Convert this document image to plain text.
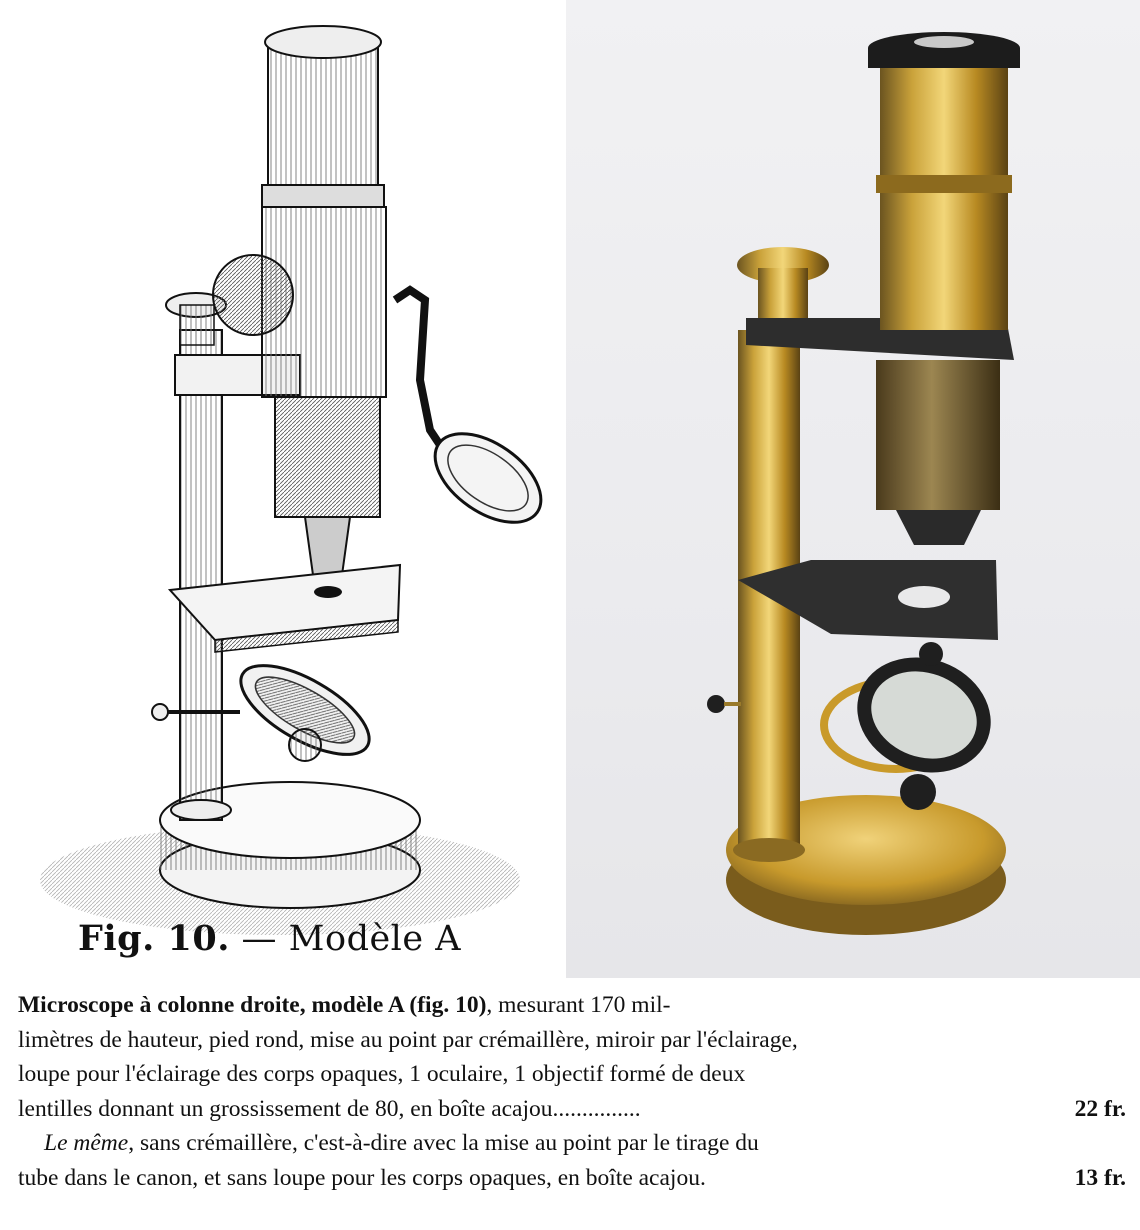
Fig. 10. — Modèle A
Microscope à colonne droite, modèle A (fig. 10), mesurant 170 mil-
limètres de hauteur, pied rond, mise au point par crémaillère, miroir par l'éclairage,
loupe pour l'éclairage des corps opaques, 1 oculaire, 1 objectif formé de deux
lentilles donnant un grossissement de 80, en boîte acajou...............	22 fr.
Le même, sans crémaillère, c'est-à-dire avec la mise au point par le tirage du
tube dans le canon, et sans loupe pour les corps opaques, en boîte acajou.	13 fr.
